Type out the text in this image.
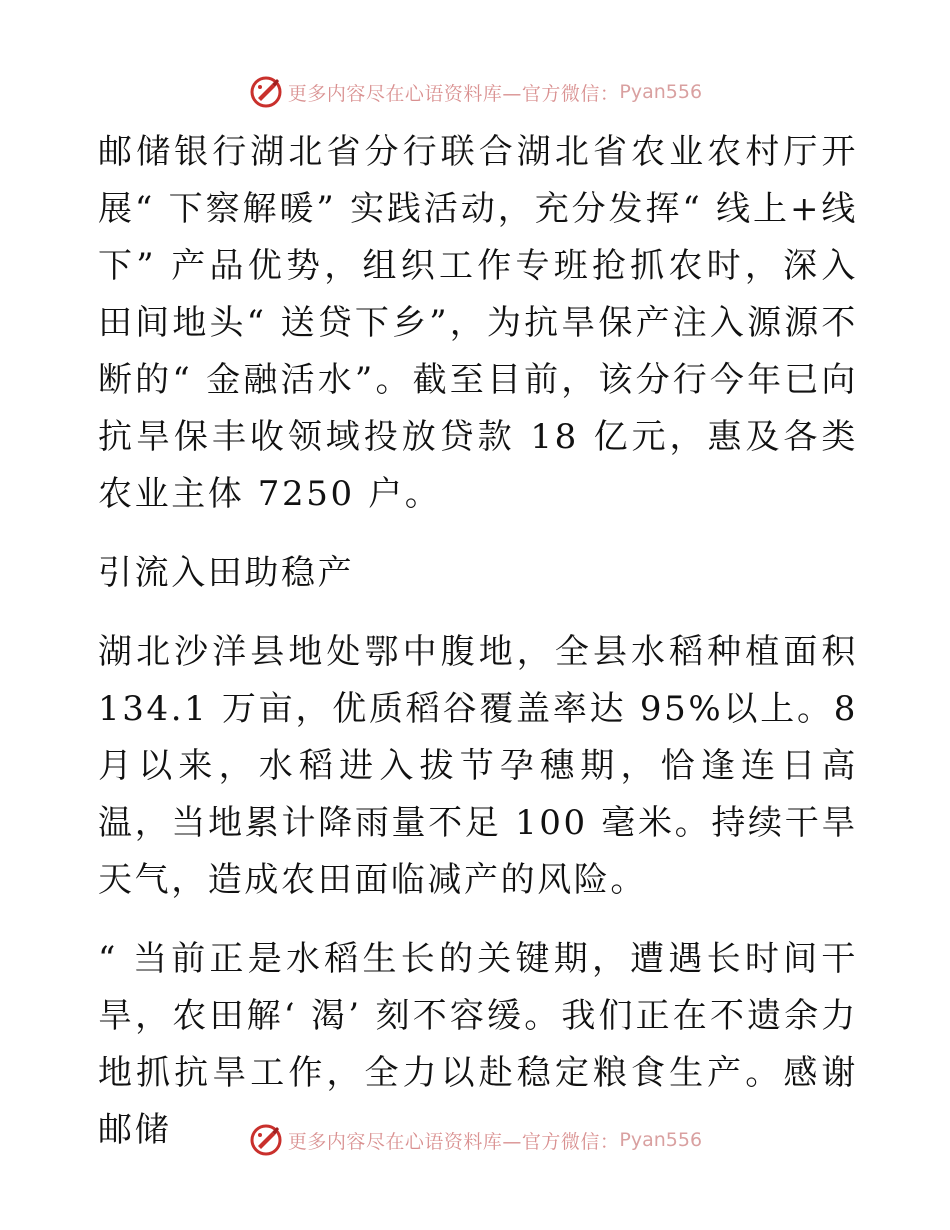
更多内容尽在心语资料库—官方微信： Pyan556

邮储银行湖北省分行联合湖北省农业农村厅开展“ 下察解暖” 实践活动，充分发挥“ 线上+线下” 产品优势，组织工作专班抢抓农时，深入田间地头“ 送贷下乡”，为抗旱保产注入源源不断的“ 金融活水”。截至目前，该分行今年已向抗旱保丰收领域投放贷款 18 亿元，惠及各类农业主体 7250 户。

引流入田助稳产

湖北沙洋县地处鄂中腹地，全县水稻种植面积 134.1 万亩，优质稻谷覆盖率达 95%以上。8 月以来，水稻进入拔节孕穗期，恰逢连日高温，当地累计降雨量不足 100 毫米。持续干旱天气，造成农田面临减产的风险。

“ 当前正是水稻生长的关键期，遭遇长时间干旱，农田解‘ 渴’ 刻不容缓。我们正在不遗余力地抓抗旱工作，全力以赴稳定粮食生产。感谢邮储	更多内容尽在心语资料库—官方微信： Pyan556
